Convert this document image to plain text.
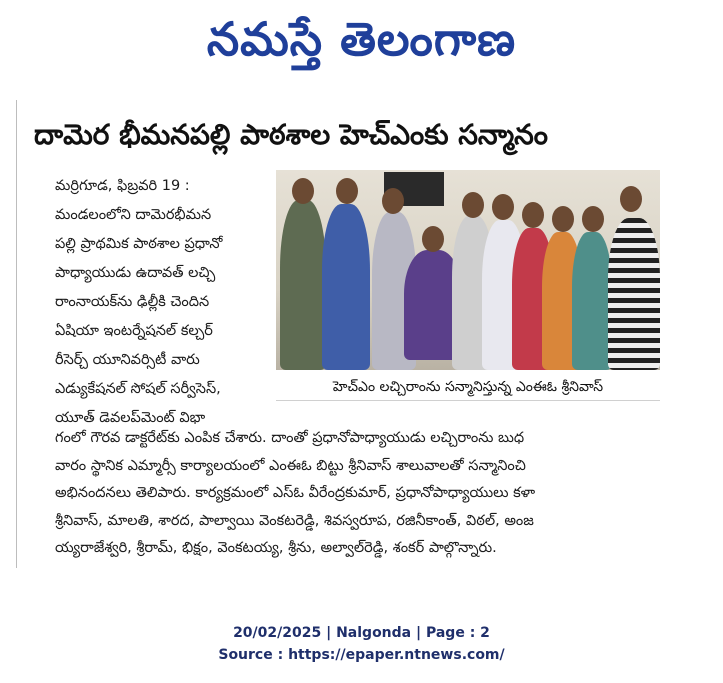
నమస్తే తెలంగాణ
దామెర భీమనపల్లి పాఠశాల హెచ్‌ఎంకు సన్మానం

మర్రిగూడ, ఫిబ్రవరి 19 :

మండలంలోని దామెరభీమన

పల్లి ప్రాథమిక పాఠశాల ప్రధానో

పాధ్యాయుడు ఉదావత్ లచ్చి

రాంనాయక్‌ను ఢిల్లీకి చెందిన

ఏషియా ఇంటర్నేషనల్ కల్చర్

రీసెర్చ్ యూనివర్సిటీ వారు

ఎడ్యుకేషనల్ సోషల్ సర్వీసెస్,

యూత్ డెవలప్‌మెంట్ విభా

హెచ్‌ఎం లచ్చిరాంను సన్మానిస్తున్న ఎంఈఓ శ్రీనివాస్

గంలో గౌరవ డాక్టరేట్‌కు ఎంపిక చేశారు. దాంతో ప్రధానోపాధ్యాయుడు లచ్చిరాంను బుధ

వారం స్థానిక ఎమ్మార్సీ కార్యాలయంలో ఎంఈఓ బిట్టు శ్రీనివాస్ శాలువాలతో సన్మానించి

అభినందనలు తెలిపారు. కార్యక్రమంలో ఎస్ఓ వీరేంద్రకుమార్, ప్రధానోపాధ్యాయులు కళా

శ్రీనివాస్, మాలతి, శారద, పాల్వాయి వెంకటరెడ్డి, శివస్వరూప, రజినీకాంత్, విఠల్, అంజ

య్యరాజేశ్వరి, శ్రీరామ్, భిక్షం, వెంకటయ్య, శ్రీను, అల్వాల్‌రెడ్డి, శంకర్ పాల్గొన్నారు.

20/02/2025 | Nalgonda | Page : 2
Source : https://epaper.ntnews.com/
